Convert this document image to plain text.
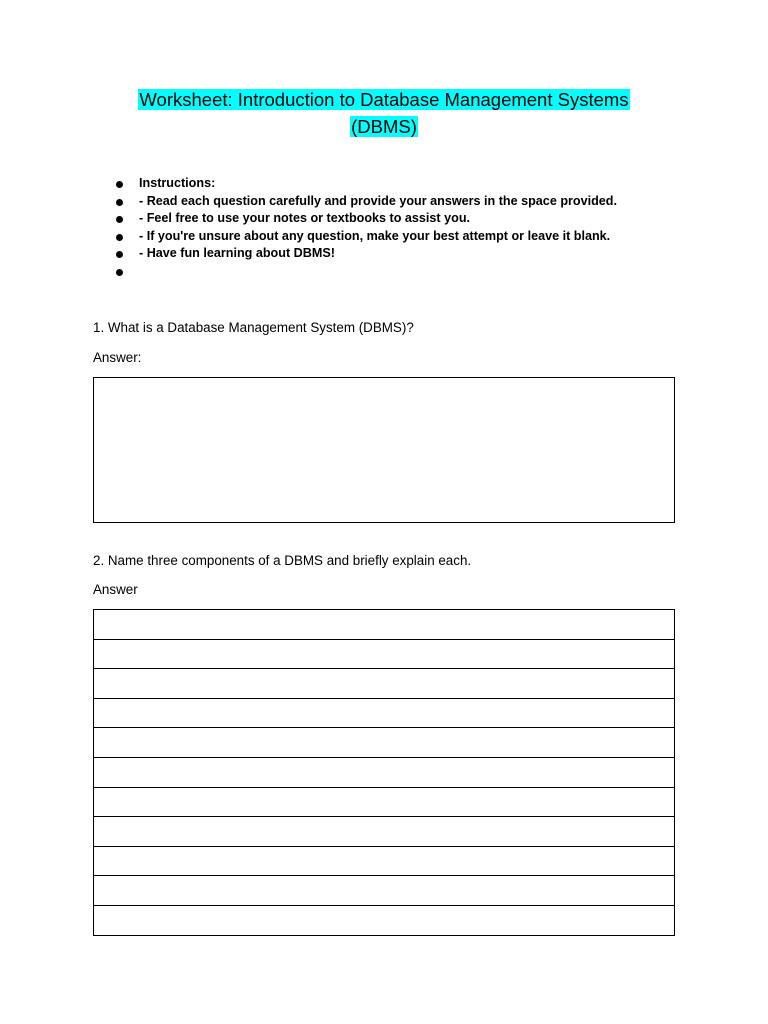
Worksheet: Introduction to Database Management Systems
(DBMS)
Instructions:
- Read each question carefully and provide your answers in the space provided.
- Feel free to use your notes or textbooks to assist you.
- If you're unsure about any question, make your best attempt or leave it blank.
- Have fun learning about DBMS!
1. What is a Database Management System (DBMS)?
Answer:
2. Name three components of a DBMS and briefly explain each.
Answer
